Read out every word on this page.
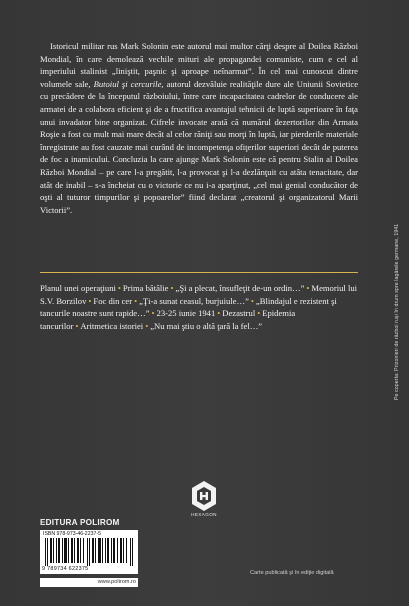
Istoricul militar rus Mark Solonin este autorul mai multor cărţi despre al Doilea Război Mondial, în care demolează vechile mituri ale propagandei comuniste, cum e cel al imperiului stalinist „liniştit, paşnic şi aproape neînarmat”. În cel mai cunoscut dintre volumele sale, Butoiul şi cercurile, autorul dezvăluie realităţile dure ale Uniunii Sovietice cu precădere de la începutul războiului, între care incapacitatea cadrelor de conducere ale armatei de a colabora eficient şi de a fructifica avantajul tehnicii de luptă superioare în faţa unui invadator bine organizat. Cifrele invocate arată că numărul dezertorilor din Armata Roşie a fost cu mult mai mare decât al celor răniţi sau morţi în luptă, iar pierderile materiale înregistrate au fost cauzate mai curând de incompetenţa ofiţerilor superiori decât de puterea de foc a inamicului. Concluzia la care ajunge Mark Solonin este că pentru Stalin al Doilea Război Mondial – pe care l-a pregătit, l-a provocat şi l-a dezlănţuit cu atâta tenacitate, dar atât de inabil – s-a încheiat cu o victorie ce nu i-a aparţinut, „cel mai genial conducător de oşti al tuturor timpurilor şi popoarelor” fiind declarat „creatorul şi organizatorul Marii Victorii”.

Planul unei operaţiuni • Prima bătălie • „Şi a plecat, însufleţit de-un ordin…” • Memoriul lui S.V. Borzilov • Foc din cer • „Ţi-a sunat ceasul, burjuiule…” • „Blindajul e rezistent şi tancurile noastre sunt rapide…” • 23-25 iunie 1941 • Dezastrul • Epidemia tancurilor • Aritmetica istoriei • „Nu mai ştiu o altă ţară la fel…”	Pe coperta: Prizonieri de război ruşi în drum spre lagărele germane, 1941
HEXAGON
EDITURA POLIROM
ISBN 978-973-46-2237-5
9 789734 622375
www.polirom.ro
Carte publicată şi în ediţie digitală
